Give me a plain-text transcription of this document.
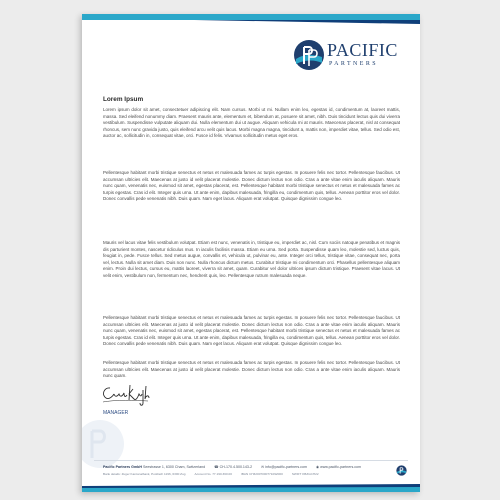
PACIFIC
PARTNERS
Lorem Ipsum

Lorem ipsum dolor sit amet, consectetuer adipiscing elit. Nam cursus. Morbi ut mi. Nullam enim leo, egestas id, condimentum at, laoreet mattis, massa. Sed eleifend nonummy diam. Praesent mauris ante, elementum et, bibendum at, posuere sit amet, nibh. Duis tincidunt lectus quis dui viverra vestibulum. Suspendisse vulputate aliquam dui. Nulla elementum dui ut augue. Aliquam vehicula mi at mauris. Maecenas placerat, nisl at consequat rhoncus, sem nunc gravida justo, quis eleifend arcu velit quis lacus. Morbi magna magna, tincidunt a, mattis non, imperdiet vitae, tellus. Sed odio est, auctor ac, sollicitudin in, consequat vitae, orci. Fusce id felis. Vivamus sollicitudin metus eget eros.

Pellentesque habitant morbi tristique senectus et netus et malesuada fames ac turpis egestas. In posuere felis nec tortor. Pellentesque faucibus. Ut accumsan ultricies elit. Maecenas at justo id velit placerat molestie. Donec dictum lectus non odio. Cras a ante vitae enim iaculis aliquam. Mauris nunc quam, venenatis nec, euismod sit amet, egestas placerat, est. Pellentesque habitant morbi tristique senectus et netus et malesuada fames ac turpis egestas. Cras id elit. Integer quis urna. Ut ante enim, dapibus malesuada, fringilla eu, condimentum quis, tellus. Aenean porttitor eros vel dolor. Donec convallis pede venenatis nibh. Duis quam. Nam eget lacus. Aliquam erat volutpat. Quisque dignissim congue leo.

Mauris vel lacus vitae felis vestibulum volutpat. Etiam est nunc, venenatis in, tristique eu, imperdiet ac, nisl. Cum sociis natoque penatibus et magnis dis parturient montes, nascetur ridiculus mus. In iaculis facilisis massa. Etiam eu urna. Sed porta. Suspendisse quam leo, molestie sed, luctus quis, feugiat in, pede. Fusce tellus. Sed metus augue, convallis et, vehicula ut, pulvinar eu, ante. Integer orci tellus, tristique vitae, consequat nec, porta vel, lectus. Nulla sit amet diam. Duis non nunc. Nulla rhoncus dictum metus. Curabitur tristique mi condimentum orci. Phasellus pellentesque aliquam enim. Proin dui lectus, cursus eu, mattis laoreet, viverra sit amet, quam. Curabitur vel dolor ultrices ipsum dictum tristique. Praesent vitae lacus. Ut velit enim, vestibulum non, fermentum nec, hendrerit quis, leo. Pellentesque rutrum malesuada neque.

Pellentesque habitant morbi tristique senectus et netus et malesuada fames ac turpis egestas. In posuere felis nec tortor. Pellentesque faucibus. Ut accumsan ultricies elit. Maecenas at justo id velit placerat molestie. Donec dictum lectus non odio. Cras a ante vitae enim iaculis aliquam. Mauris nunc quam, venenatis nec, euismod sit amet, egestas placerat, est. Pellentesque habitant morbi tristique senectus et netus et malesuada fames ac turpis egestas. Cras id elit. Integer quis urna. Ut ante enim, dapibus malesuada, fringilla eu, condimentum quis, tellus. Aenean porttitor eros vel dolor. Donec convallis pede venenatis nibh. Duis quam. Nam eget lacus. Aliquam erat volutpat. Quisque dignissim congue leo.

Pellentesque habitant morbi tristique senectus et netus et malesuada fames ac turpis egestas. In posuere felis nec tortor. Pellentesque faucibus. Ut accumsan ultricies elit. Maecenas at justo id velit placerat molestie. Donec dictum lectus non odio. Cras a ante vitae enim iaculis aliquam. Mauris nunc quam.

MANAGER
Pacific Partners GmbH Seestrasse 1, 6300 Cham, Switzerland	☎ CH-170.4.500.143-2	✉ info@pacific-partners.com	◉ www.pacific-partners.com
Bank details: Zuger Kantonalbank, Postfach 1196, 6300 Zug	Account No. 77.190.360.00	IBAN CH32007000771092000	SWIFT KBZGCH22
